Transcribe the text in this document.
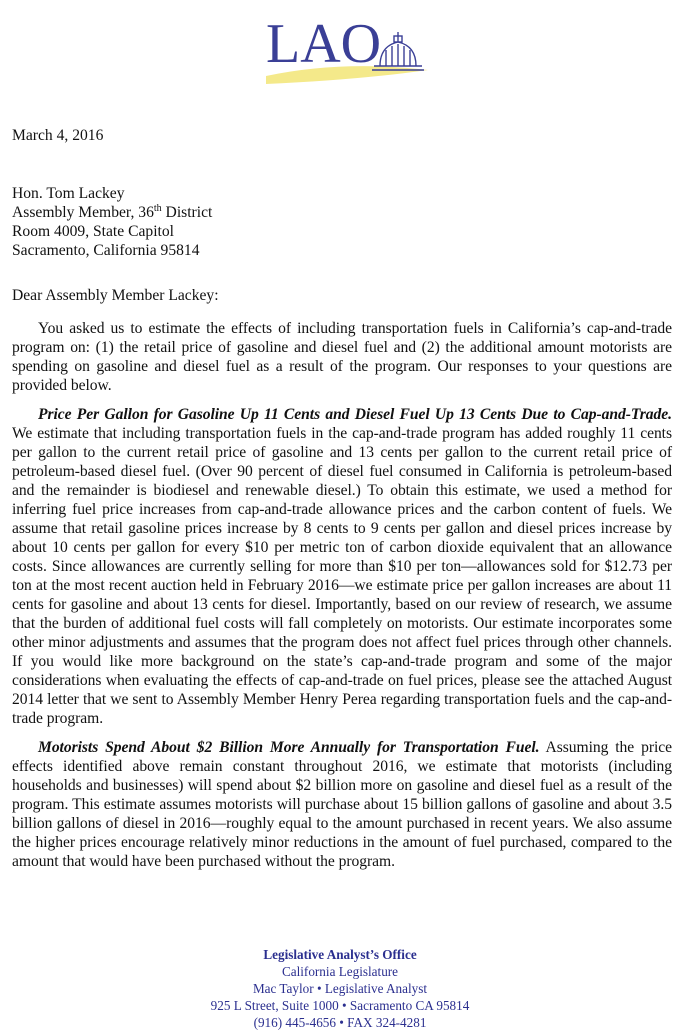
LAO
March 4, 2016
Hon. Tom Lackey
Assembly Member, 36th District
Room 4009, State Capitol
Sacramento, California 95814
Dear Assembly Member Lackey:

You asked us to estimate the effects of including transportation fuels in California’s cap-and-trade program on: (1) the retail price of gasoline and diesel fuel and (2) the additional amount motorists are spending on gasoline and diesel fuel as a result of the program. Our responses to your questions are provided below.

Price Per Gallon for Gasoline Up 11 Cents and Diesel Fuel Up 13 Cents Due to Cap-and-Trade. We estimate that including transportation fuels in the cap-and-trade program has added roughly 11 cents per gallon to the current retail price of gasoline and 13 cents per gallon to the current retail price of petroleum-based diesel fuel. (Over 90 percent of diesel fuel consumed in California is petroleum-based and the remainder is biodiesel and renewable diesel.) To obtain this estimate, we used a method for inferring fuel price increases from cap-and-trade allowance prices and the carbon content of fuels. We assume that retail gasoline prices increase by 8 cents to 9 cents per gallon and diesel prices increase by about 10 cents per gallon for every $10 per metric ton of carbon dioxide equivalent that an allowance costs. Since allowances are currently selling for more than $10 per ton—allowances sold for $12.73 per ton at the most recent auction held in February 2016—we estimate price per gallon increases are about 11 cents for gasoline and about 13 cents for diesel. Importantly, based on our review of research, we assume that the burden of additional fuel costs will fall completely on motorists. Our estimate incorporates some other minor adjustments and assumes that the program does not affect fuel prices through other channels. If you would like more background on the state’s cap-and-trade program and some of the major considerations when evaluating the effects of cap-and-trade on fuel prices, please see the attached August 2014 letter that we sent to Assembly Member Henry Perea regarding transportation fuels and the cap-and-trade program.

Motorists Spend About $2 Billion More Annually for Transportation Fuel. Assuming the price effects identified above remain constant throughout 2016, we estimate that motorists (including households and businesses) will spend about $2 billion more on gasoline and diesel fuel as a result of the program. This estimate assumes motorists will purchase about 15 billion gallons of gasoline and about 3.5 billion gallons of diesel in 2016—roughly equal to the amount purchased in recent years. We also assume the higher prices encourage relatively minor reductions in the amount of fuel purchased, compared to the amount that would have been purchased without the program.

Legislative Analyst’s Office
California Legislature
Mac Taylor • Legislative Analyst
925 L Street, Suite 1000 • Sacramento CA 95814
(916) 445-4656 • FAX 324-4281
